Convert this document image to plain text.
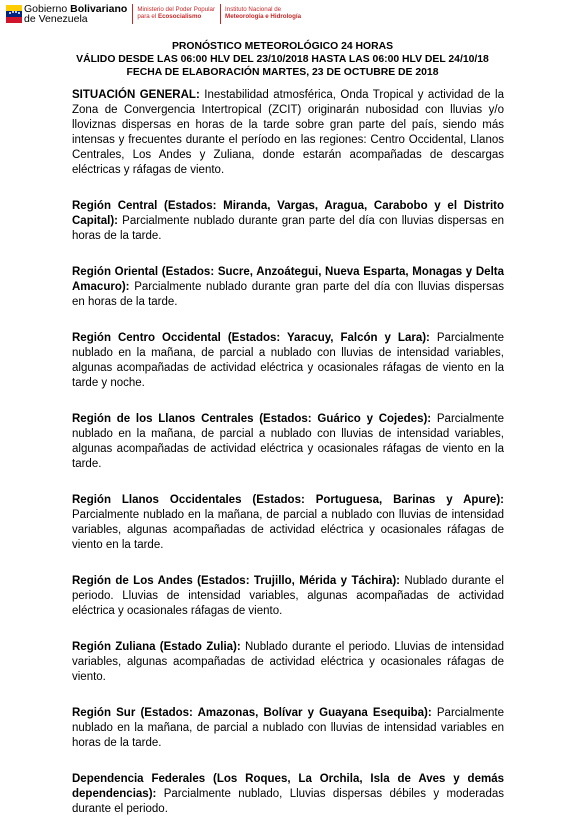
Gobierno Bolivariano
de Venezuela
Ministerio del Poder Popular
para el Ecosocialismo
Instituto Nacional de
Meteorología e Hidrología
PRONÓSTICO METEOROLÓGICO 24 HORAS
VÁLIDO DESDE LAS 06:00 HLV DEL 23/10/2018 HASTA LAS 06:00 HLV DEL 24/10/18
FECHA DE ELABORACIÓN MARTES, 23 DE OCTUBRE DE 2018

SITUACIÓN GENERAL: Inestabilidad atmosférica, Onda Tropical y actividad de la Zona de Convergencia Intertropical (ZCIT) originarán nubosidad con lluvias y/o lloviznas dispersas en horas de la tarde sobre gran parte del país, siendo más intensas y frecuentes durante el período en las regiones: Centro Occidental, Llanos Centrales, Los Andes y Zuliana, donde estarán acompañadas de descargas eléctricas y ráfagas de viento.

Región Central (Estados: Miranda, Vargas, Aragua, Carabobo y el Distrito Capital): Parcialmente nublado durante gran parte del día con lluvias dispersas en horas de la tarde.

Región Oriental (Estados: Sucre, Anzoátegui, Nueva Esparta, Monagas y Delta Amacuro): Parcialmente nublado durante gran parte del día con lluvias dispersas en horas de la tarde.

Región Centro Occidental (Estados: Yaracuy, Falcón y Lara): Parcialmente nublado en la mañana, de parcial a nublado con lluvias de intensidad variables, algunas acompañadas de actividad eléctrica y ocasionales ráfagas de viento en la tarde y noche.

Región de los Llanos Centrales (Estados: Guárico y Cojedes): Parcialmente nublado en la mañana, de parcial a nublado con lluvias de intensidad variables, algunas acompañadas de actividad eléctrica y ocasionales ráfagas de viento en la tarde.

Región Llanos Occidentales (Estados: Portuguesa, Barinas y Apure): Parcialmente nublado en la mañana, de parcial a nublado con lluvias de intensidad variables, algunas acompañadas de actividad eléctrica y ocasionales ráfagas de viento en la tarde.

Región de Los Andes (Estados: Trujillo, Mérida y Táchira): Nublado durante el periodo. Lluvias de intensidad variables, algunas acompañadas de actividad eléctrica y ocasionales ráfagas de viento.

Región Zuliana (Estado Zulia): Nublado durante el periodo. Lluvias de intensidad variables, algunas acompañadas de actividad eléctrica y ocasionales ráfagas de viento.

Región Sur (Estados: Amazonas, Bolívar y Guayana Esequiba): Parcialmente nublado en la mañana, de parcial a nublado con lluvias de intensidad variables en horas de la tarde.

Dependencia Federales (Los Roques, La Orchila, Isla de Aves y demás dependencias): Parcialmente nublado, Lluvias dispersas débiles y moderadas durante el periodo.
